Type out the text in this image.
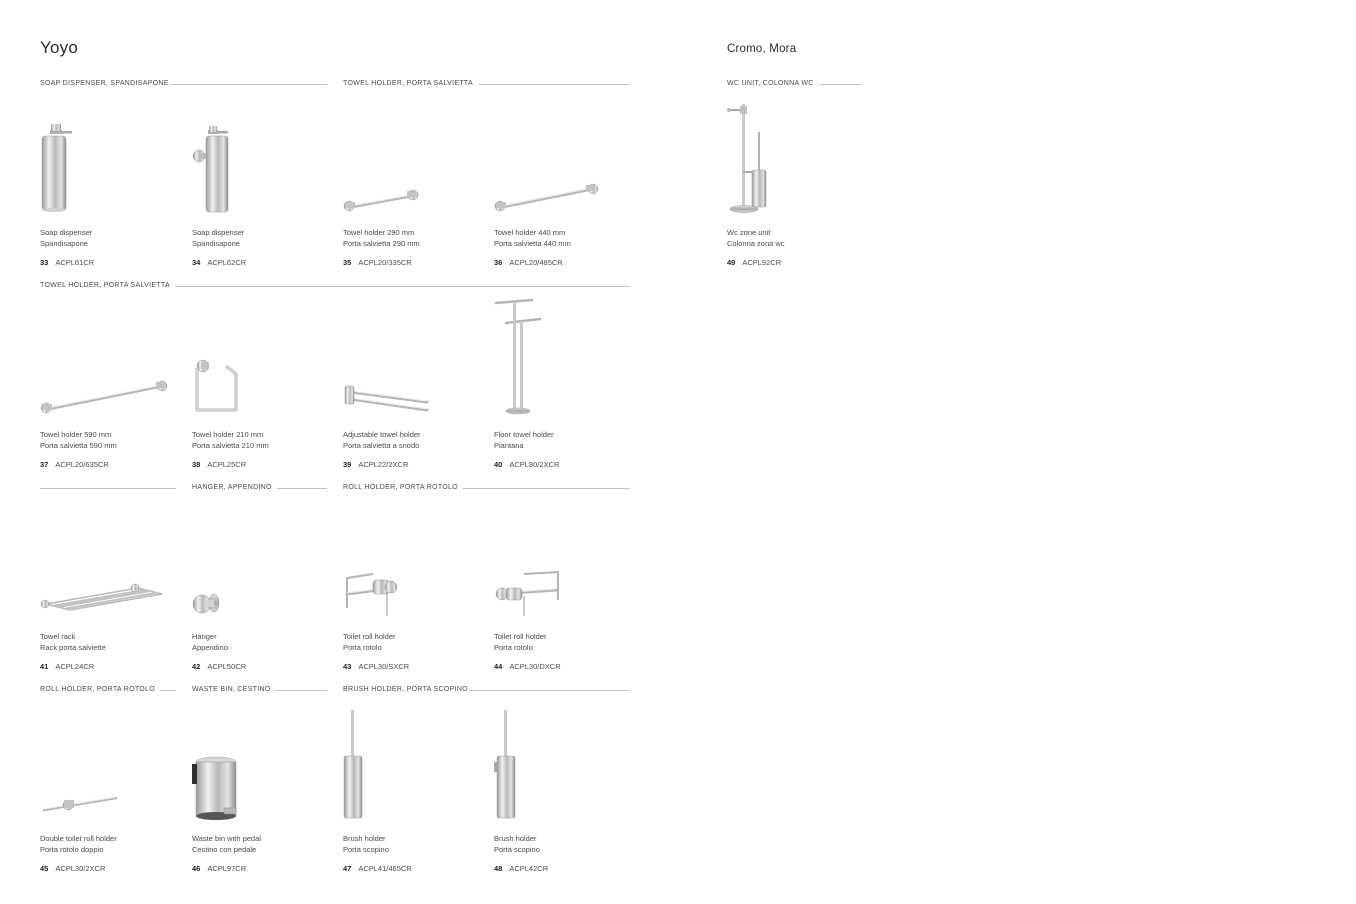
Yoyo	Cromo, Mora
SOAP DISPENSER, SPANDISAPONE	TOWEL HOLDER, PORTA SALVIETTA	WC UNIT, COLONNA WC
TOWEL HOLDER, PORTA SALVIETTA
HANGER, APPENDINO	ROLL HOLDER, PORTA ROTOLO
ROLL HOLDER, PORTA ROTOLO	WASTE BIN, CESTINO	BRUSH HOLDER, PORTA SCOPINO
Soap dispenser
Spandisapone
33 ACPL61CR
Soap dispenser
Spandisapone
34 ACPL62CR
Towel holder 290 mm
Porta salvietta 290 mm
35 ACPL20/335CR
Towel holder 440 mm
Porta salvietta 440 mm
36 ACPL20/485CR
Wc zone unit
Colonna zona wc
49 ACPL92CR
Towel holder 590 mm
Porta salvietta 590 mm
37 ACPL20/635CR
Towel holder 210 mm
Porta salvietta 210 mm
38 ACPL25CR
Adjustable towel holder
Porta salvietta a snodo
39 ACPL22/2XCR
Floor towel holder
Piantana
40 ACPL80/2XCR
Towel rack
Rack porta salviette
41 ACPL24CR
Hanger
Appendino
42 ACPL50CR
Toilet roll holder
Porta rotolo
43 ACPL30/SXCR
Toilet roll holder
Porta rotolo
44 ACPL30/DXCR
Double toilet roll holder
Porta rotolo doppio
45 ACPL30/2XCR
Waste bin with pedal
Cestino con pedale
46 ACPL97CR
Brush holder
Porta scopino
47 ACPL41/465CR
Brush holder
Porta scopino
48 ACPL42CR
